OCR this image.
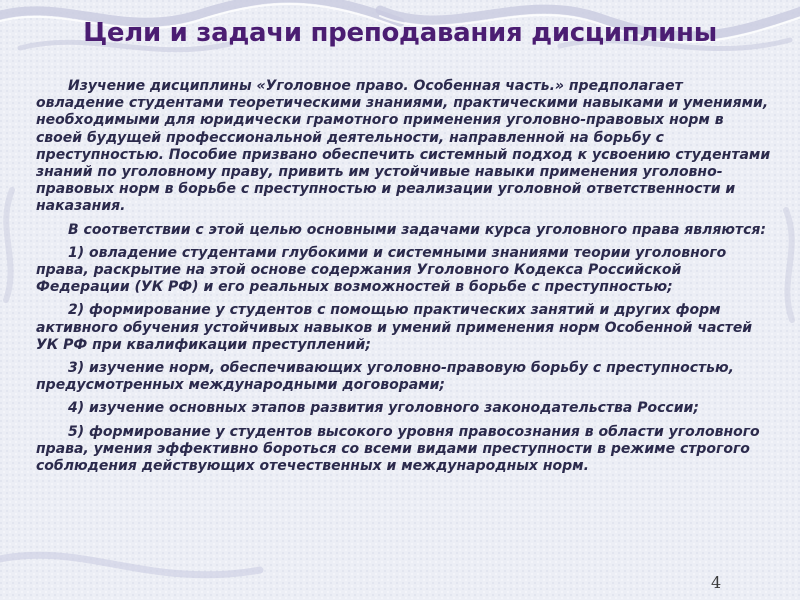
Цели и задачи преподавания дисциплины

Изучение дисциплины «Уголовное право. Особенная часть.» предполагает овладение студентами теоретическими знаниями, практическими навыками и умениями, необходимыми для юридически грамотного применения уголовно-правовых норм в своей будущей профессиональной деятельности, направленной на борьбу с преступностью. Пособие призвано обеспечить системный подход к усвоению студентами знаний по уголовному праву, привить им устойчивые навыки применения уголовно-правовых норм в борьбе с преступностью и реализации уголовной ответственности и наказания.

В соответствии с этой целью основными задачами курса уголовного права являются:

1) овладение студентами глубокими и системными знаниями теории уголовного права, раскрытие на этой основе содержания Уголовного Кодекса Российской Федерации (УК РФ) и его реальных возможностей в борьбе с преступностью;

2) формирование у студентов с помощью практических занятий и других форм активного обучения устойчивых навыков и умений применения норм Особенной частей УК РФ при квалификации преступлений;

3) изучение норм, обеспечивающих уголовно-правовую борьбу с преступностью, предусмотренных международными договорами;

4) изучение основных этапов развития уголовного законодательства России;

5) формирование у студентов высокого уровня правосознания в области уголовного права, умения эффективно бороться со всеми видами преступности в режиме строгого соблюдения действующих отечественных и международных норм.

4
